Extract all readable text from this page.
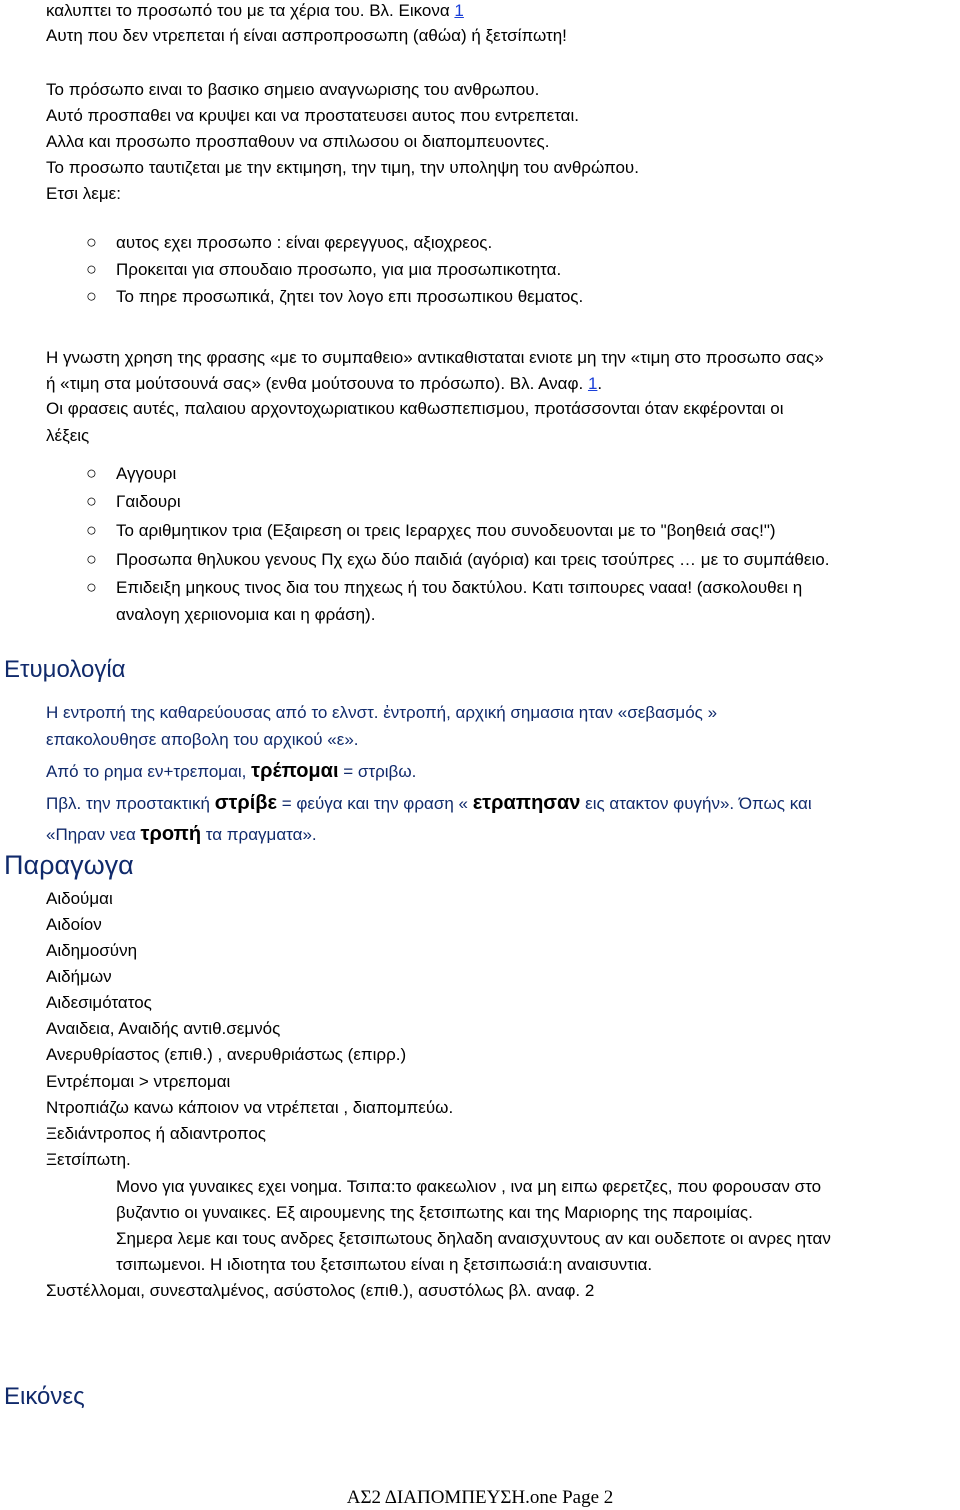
καλυπτει το προσωπό του με τα χέρια του. Βλ. Εικονα 1
Αυτη που δεν ντρεπεται ή είναι ασπροπροσωπη (αθώα) ή ξετσίπωτη!
Το πρόσωπο ειναι το βασικο σημειο αναγνωρισης του ανθρωπου.
Αυτό προσπαθει να κρυψει και να προστατευσει αυτος που εντρεπεται.
Αλλα και προσωπο προσπαθουν να σπιλωσου οι διαπομπευοντες.
Το προσωπο ταυτιζεται με την εκτιμηση, την τιμη, την υποληψη του ανθρώπου.
Ετσι λεμε:
○ αυτος εχει προσωπο : είναι φερεγγυος, αξιοχρεος.
○ Προκειται για σπουδαιο προσωπο, για μια προσωπικοτητα.
○ Το πηρε προσωπικά, ζητει τον λογο επι προσωπικου θεματος.
Η γνωστη χρηση της φρασης «με το συμπαθειο» αντικαθισταται ενιοτε μη την «τιμη στο προσωπο σας»
ή «τιμη στα μούτσουνά σας» (ενθα μούτσουνα το πρόσωπο). Βλ. Αναφ. 1.
Οι φρασεις αυτές, παλαιου αρχοντοχωριατικου καθωσπεπισμου, προτάσσονται όταν εκφέρονται οι
λέξεις
○ Αγγουρι
○ Γαιδουρι
○ Το αριθμητικον τρια (Εξαιρεση οι τρεις Ιεραρχες που συνοδευονται με το "βοηθειά σας!")
○ Προσωπα θηλυκου γενους Πχ εχω δύο παιδιά (αγόρια) και τρεις τσούπρες … με το συμπάθειο.
○ Επιδειξη μηκους τινος δια του πηχεως ή του δακτύλου. Κατι τσιπουρες νααα! (ασκολουθει η
αναλογη χεριιονομια και η φράση).
Ετυμολογία
Η εντροπή της καθαρεύουσας από το ελνστ. ἐντροπή, αρχική σημασια ηταν «σεβασμός »
επακολουθησε αποβολη του αρχικού «ε».
Από το ρημα εν+τρεπομαι, τρέπομαι = στριβω.
Πβλ. την προστακτική στρίβε = φεύγα και την φραση « ετραπησαν εις ατακτον φυγήν». Όπως και
«Πηραν νεα τροπή τα πραγματα».
Παραγωγα
Αιδούμαι
Αιδοίον
Αιδημοσύνη
Αιδήμων
Αιδεσιμότατος
Αναιδεια, Αναιδής αντιθ.σεμνός
Ανερυθρίαστος (επιθ.) , ανερυθριάστως (επιρρ.)
Εντρέπομαι > ντρεπομαι
Ντροπιάζω κανω κάποιον να ντρέπεται , διαπομπεύω.
Ξεδιάντροπος ή αδιαντροπος
Ξετσίπωτη.
Μονο για γυναικες εχει νοημα. Τσιπα:το φακεωλιον , ινα μη ειπω φερετζες, που φορουσαν στο
βυζαντιο οι γυναικες. Εξ αιρουμενης της ξετσιπωτης και της Μαριορης της παροιμίας.
Σημερα λεμε και τους ανδρες ξετσιπωτους δηλαδη αναισχυντους αν και ουδεποτε οι ανρες ηταν
τσιπωμενοι. Η ιδιοτητα του ξετσιπωτου είναι η ξετσιπωσιά:η αναισυντια.
Συστέλλομαι, συνεσταλμένος, ασύστολος (επιθ.), ασυστόλως βλ. αναφ. 2
Εικόνες
ΑΣ2 ΔΙΑΠΟΜΠΕΥΣΗ.one Page 2
